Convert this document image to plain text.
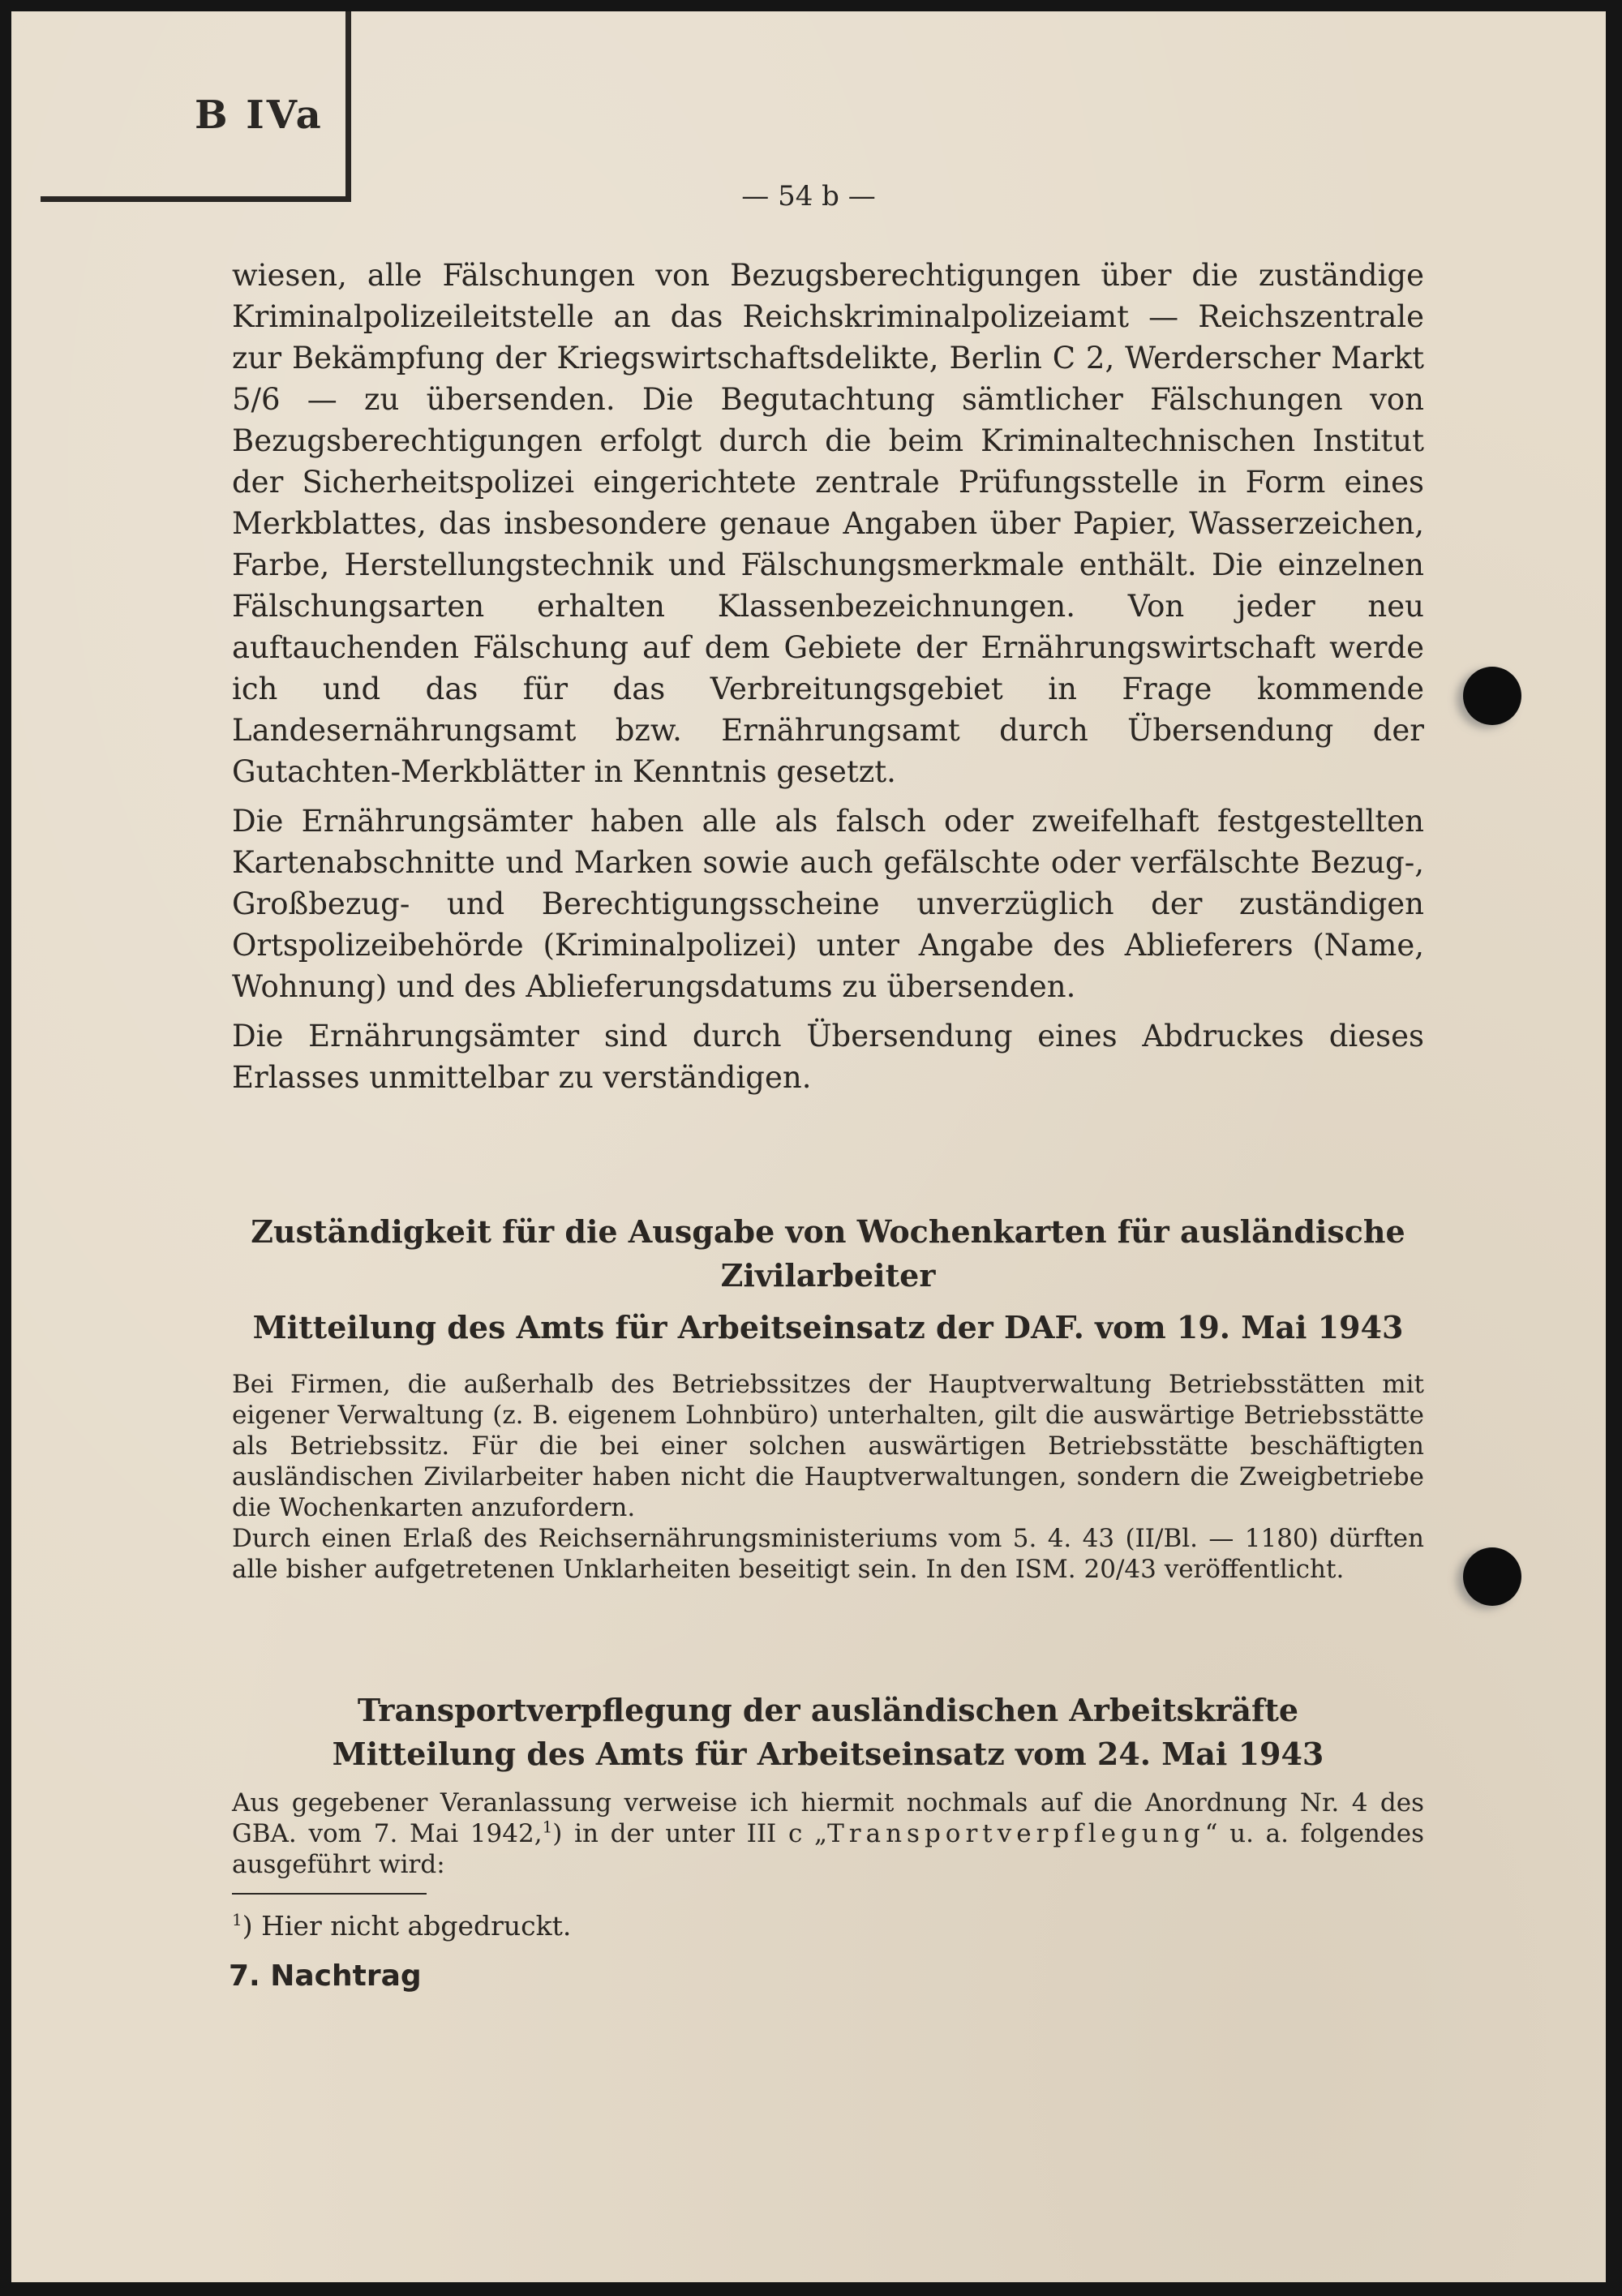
B IVa
— 54 b —

wiesen, alle Fälschungen von Bezugsberechtigungen über die zuständige Kriminalpolizeileitstelle an das Reichskriminalpolizeiamt — Reichszentrale zur Bekämpfung der Kriegswirtschaftsdelikte, Berlin C 2, Werderscher Markt 5/6 — zu übersenden. Die Begutachtung sämtlicher Fälschungen von Bezugsberechtigungen erfolgt durch die beim Kriminaltechnischen Institut der Sicherheitspolizei eingerichtete zentrale Prüfungsstelle in Form eines Merkblattes, das insbesondere genaue Angaben über Papier, Wasserzeichen, Farbe, Herstellungstechnik und Fälschungsmerkmale enthält. Die einzelnen Fälschungsarten erhalten Klassenbezeichnungen. Von jeder neu auftauchenden Fälschung auf dem Gebiete der Ernährungswirtschaft werde ich und das für das Verbreitungsgebiet in Frage kommende Landesernährungsamt bzw. Ernährungsamt durch Übersendung der Gutachten-Merkblätter in Kenntnis gesetzt.

Die Ernährungsämter haben alle als falsch oder zweifelhaft festgestellten Kartenabschnitte und Marken sowie auch gefälschte oder verfälschte Bezug-, Großbezug- und Berechtigungsscheine unverzüglich der zuständigen Ortspolizeibehörde (Kriminalpolizei) unter Angabe des Ablieferers (Name, Wohnung) und des Ablieferungsdatums zu übersenden.

Die Ernährungsämter sind durch Übersendung eines Abdruckes dieses Erlasses unmittelbar zu verständigen.

Zuständigkeit für die Ausgabe von Wochenkarten für ausländische

Zivilarbeiter

Mitteilung des Amts für Arbeitseinsatz der DAF. vom 19. Mai 1943

Bei Firmen, die außerhalb des Betriebssitzes der Hauptverwaltung Betriebsstätten mit eigener Verwaltung (z. B. eigenem Lohnbüro) unterhalten, gilt die auswärtige Betriebsstätte als Betriebssitz. Für die bei einer solchen auswärtigen Betriebsstätte beschäftigten ausländischen Zivilarbeiter haben nicht die Hauptverwaltungen, sondern die Zweigbetriebe die Wochenkarten anzufordern.

Durch einen Erlaß des Reichsernährungsministeriums vom 5. 4. 43 (II/Bl. — 1180) dürften alle bisher aufgetretenen Unklarheiten beseitigt sein. In den ISM. 20/43 veröffentlicht.

Transportverpflegung der ausländischen Arbeitskräfte

Mitteilung des Amts für Arbeitseinsatz vom 24. Mai 1943

Aus gegebener Veranlassung verweise ich hiermit nochmals auf die Anordnung Nr. 4 des GBA. vom 7. Mai 1942,$^1$) in der unter III c „Transportverpflegung“ u. a. folgendes ausgeführt wird:

$^1$) Hier nicht abgedruckt.

7. Nachtrag
